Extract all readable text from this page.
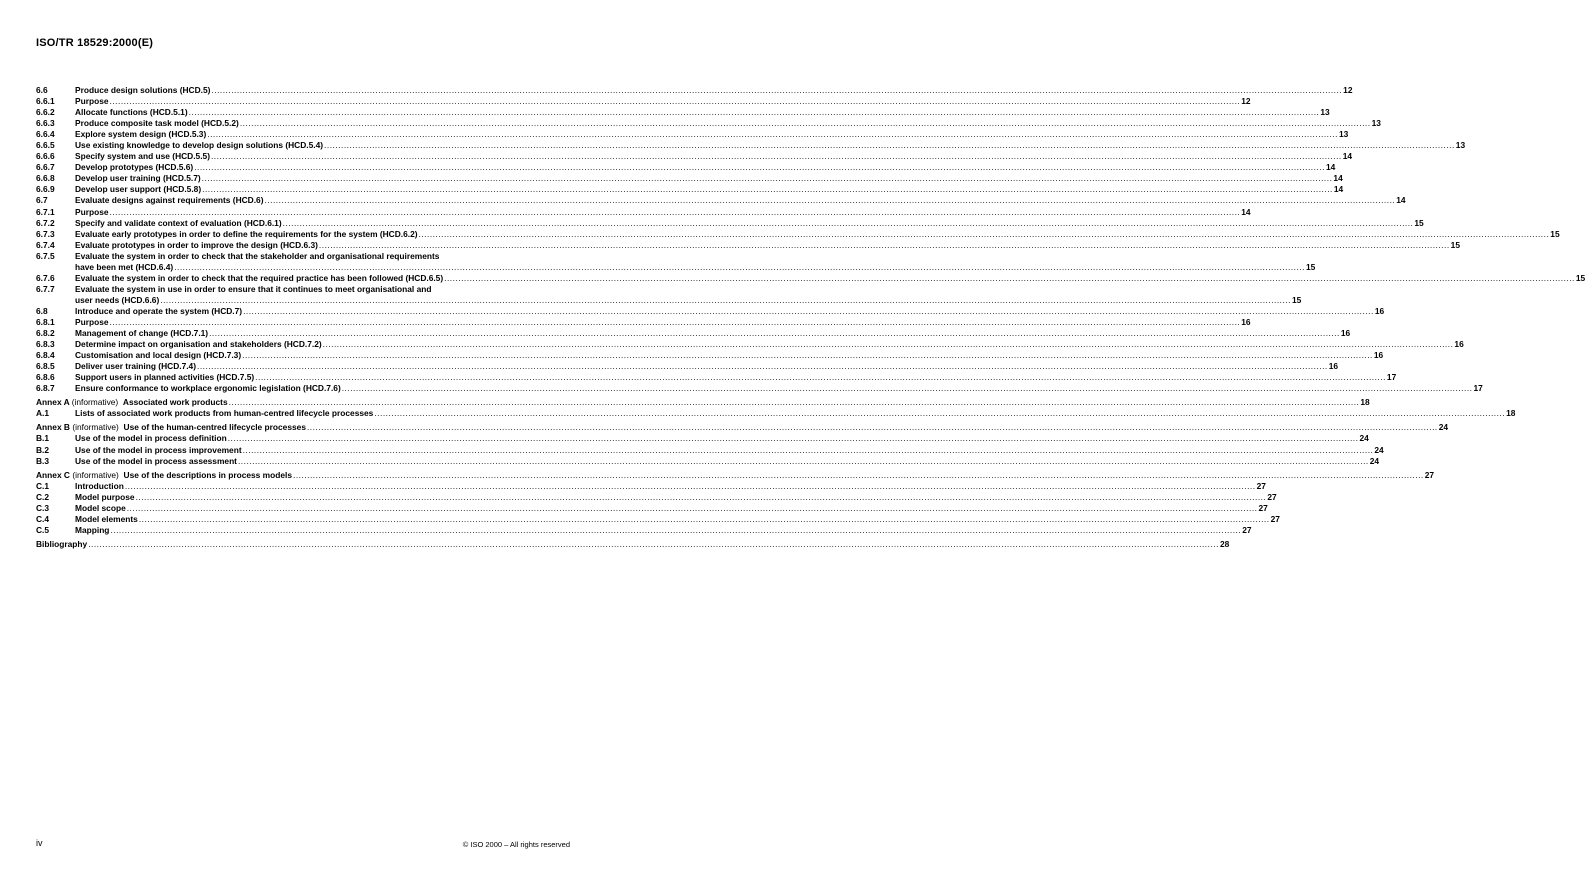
ISO/TR 18529:2000(E)
6.6	Produce design solutions (HCD.5) ................................................................................................................................................................................................................................................................................................................................................................................................................ 12
6.6.1 Purpose ................................................................................................................................................................................................................................................................................................................................................................................................................ 12
6.6.2 Allocate functions (HCD.5.1) ................................................................................................................................................................................................................................................................................................................................................................................................................ 13
6.6.3 Produce composite task model (HCD.5.2) ................................................................................................................................................................................................................................................................................................................................................................................................................ 13
6.6.4 Explore system design (HCD.5.3) ................................................................................................................................................................................................................................................................................................................................................................................................................ 13
6.6.5 Use existing knowledge to develop design solutions (HCD.5.4) ................................................................................................................................................................................................................................................................................................................................................................................................................ 13
6.6.6 Specify system and use (HCD.5.5) ................................................................................................................................................................................................................................................................................................................................................................................................................ 14
6.6.7 Develop prototypes (HCD.5.6) ................................................................................................................................................................................................................................................................................................................................................................................................................ 14
6.6.8 Develop user training (HCD.5.7) ................................................................................................................................................................................................................................................................................................................................................................................................................ 14
6.6.9 Develop user support (HCD.5.8) ................................................................................................................................................................................................................................................................................................................................................................................................................ 14
6.7	Evaluate designs against requirements (HCD.6) ................................................................................................................................................................................................................................................................................................................................................................................................................ 14
6.7.1 Purpose ................................................................................................................................................................................................................................................................................................................................................................................................................ 14
6.7.2 Specify and validate context of evaluation (HCD.6.1) ................................................................................................................................................................................................................................................................................................................................................................................................................ 15
6.7.3 Evaluate early prototypes in order to define the requirements for the system (HCD.6.2) ................................................................................................................................................................................................................................................................................................................................................................................................................ 15
6.7.4 Evaluate prototypes in order to improve the design (HCD.6.3) ................................................................................................................................................................................................................................................................................................................................................................................................................ 15
6.7.5 Evaluate the system in order to check that the stakeholder and organisational requirements
have been met (HCD.6.4) ................................................................................................................................................................................................................................................................................................................................................................................................................ 15
6.7.6 Evaluate the system in order to check that the required practice has been followed (HCD.6.5) ................................................................................................................................................................................................................................................................................................................................................................................................................ 15
6.7.7 Evaluate the system in use in order to ensure that it continues to meet organisational and
user needs (HCD.6.6) ................................................................................................................................................................................................................................................................................................................................................................................................................ 15
6.8	Introduce and operate the system (HCD.7) ................................................................................................................................................................................................................................................................................................................................................................................................................ 16
6.8.1 Purpose ................................................................................................................................................................................................................................................................................................................................................................................................................ 16
6.8.2 Management of change (HCD.7.1) ................................................................................................................................................................................................................................................................................................................................................................................................................ 16
6.8.3 Determine impact on organisation and stakeholders (HCD.7.2) ................................................................................................................................................................................................................................................................................................................................................................................................................ 16
6.8.4 Customisation and local design (HCD.7.3) ................................................................................................................................................................................................................................................................................................................................................................................................................ 16
6.8.5 Deliver user training (HCD.7.4) ................................................................................................................................................................................................................................................................................................................................................................................................................ 16
6.8.6 Support users in planned activities (HCD.7.5) ................................................................................................................................................................................................................................................................................................................................................................................................................ 17
6.8.7 Ensure conformance to workplace ergonomic legislation (HCD.7.6) ................................................................................................................................................................................................................................................................................................................................................................................................................ 17
Annex A (informative) Associated work products ................................................................................................................................................................................................................................................................................................................................................................................................................ 18
A.1	Lists of associated work products from human-centred lifecycle processes ................................................................................................................................................................................................................................................................................................................................................................................................................ 18
Annex B (informative) Use of the human-centred lifecycle processes ................................................................................................................................................................................................................................................................................................................................................................................................................ 24
B.1	Use of the model in process definition ................................................................................................................................................................................................................................................................................................................................................................................................................ 24
B.2	Use of the model in process improvement ................................................................................................................................................................................................................................................................................................................................................................................................................ 24
B.3	Use of the model in process assessment ................................................................................................................................................................................................................................................................................................................................................................................................................ 24
Annex C (informative) Use of the descriptions in process models ................................................................................................................................................................................................................................................................................................................................................................................................................ 27
C.1	Introduction ................................................................................................................................................................................................................................................................................................................................................................................................................ 27
C.2	Model purpose ................................................................................................................................................................................................................................................................................................................................................................................................................ 27
C.3	Model scope ................................................................................................................................................................................................................................................................................................................................................................................................................ 27
C.4	Model elements ................................................................................................................................................................................................................................................................................................................................................................................................................ 27
C.5	Mapping ................................................................................................................................................................................................................................................................................................................................................................................................................ 27
Bibliography ................................................................................................................................................................................................................................................................................................................................................................................................................ 28
iv	© ISO 2000 – All rights reserved
